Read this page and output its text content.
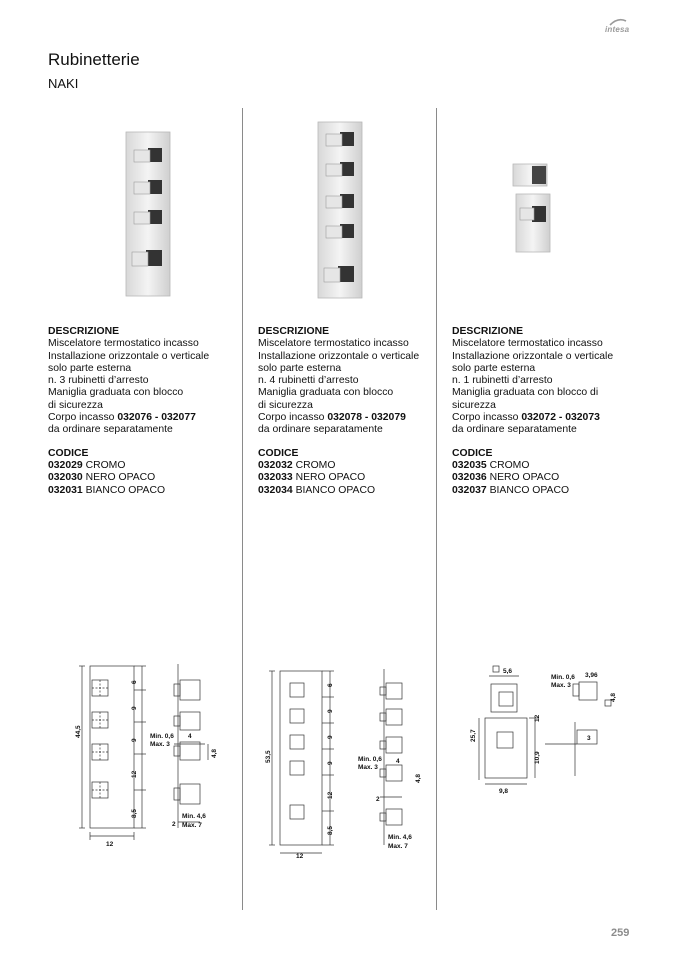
intesa
Rubinetterie
NAKI

DESCRIZIONE

Miscelatore termostatico incasso

Installazione orizzontale o verticale

solo parte esterna

n. 3 rubinetti d’arresto

Maniglia graduata con blocco

di sicurezza

Corpo incasso 032076 - 032077

da ordinare separatamente

CODICE

032029 CROMO

032030 NERO OPACO

032031 BIANCO OPACO

DESCRIZIONE

Miscelatore termostatico incasso

Installazione orizzontale o verticale

solo parte esterna

n. 4 rubinetti d’arresto

Maniglia graduata con blocco

di sicurezza

Corpo incasso 032078 - 032079

da ordinare separatamente

CODICE

032032 CROMO

032033 NERO OPACO

032034 BIANCO OPACO

DESCRIZIONE

Miscelatore termostatico incasso

Installazione orizzontale o verticale

solo parte esterna

n. 1 rubinetti d’arresto

Maniglia graduata con blocco di

sicurezza

Corpo incasso 032072 - 032073

da ordinare separatamente

CODICE

032035 CROMO

032036 NERO OPACO

032037 BIANCO OPACO

44,5
6
9
9
12
8,5
12
Min. 0,6
Max. 3
4
4,8
Min. 4,6
Max. 7
2
53,5
6
9
9
9
12
8,5
12
Min. 0,6
Max. 3
4
4,8
2
Min. 4,6
Max. 7
5,6
Min. 0,6
Max. 3
3,96
4,8
25,7
12
10,9
3
9,8
259
